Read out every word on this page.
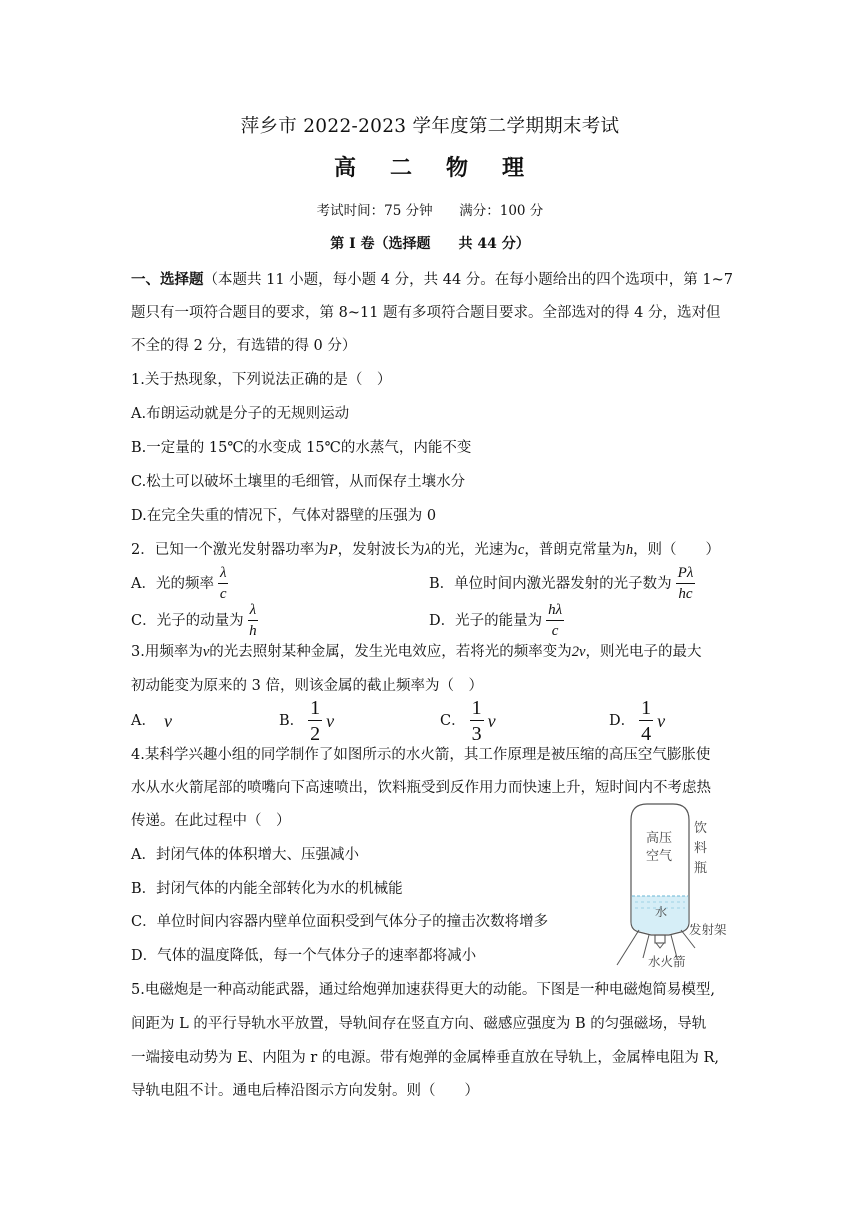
萍乡市 2022-2023 学年度第二学期期末考试
高 二 物 理
考试时间：75 分钟 满分：100 分
第 I 卷（选择题　　共 44 分）
一、选择题（本题共 11 小题，每小题 4 分，共 44 分。在每小题给出的四个选项中，第 1~7
题只有一项符合题目的要求，第 8~11 题有多项符合题目要求。全部选对的得 4 分，选对但
不全的得 2 分，有选错的得 0 分）
1.关于热现象，下列说法正确的是（　）
A.布朗运动就是分子的无规则运动
B.一定量的 15℃的水变成 15℃的水蒸气，内能不变
C.松土可以破坏土壤里的毛细管，从而保存土壤水分
D.在完全失重的情况下，气体对器壁的压强为 0
2．已知一个激光发射器功率为P，发射波长为λ的光，光速为c，普朗克常量为h，则（　　）
A．光的频率 $\frac{\lambda}{c}$	B．单位时间内激光器发射的光子数为 $\frac{P\lambda}{hc}$
C．光子的动量为 $\frac{\lambda}{h}$	D．光子的能量为 $\frac{h\lambda}{c}$
3.用频率为ν的光去照射某种金属，发生光电效应，若将光的频率变为2ν，则光电子的最大
初动能变为原来的 3 倍，则该金属的截止频率为（　）
A． ν	B． $\frac{1}{2}$ ν	C． $\frac{1}{3}$ ν	D． $\frac{1}{4}$ ν
4.某科学兴趣小组的同学制作了如图所示的水火箭，其工作原理是被压缩的高压空气膨胀使
水从水火箭尾部的喷嘴向下高速喷出，饮料瓶受到反作用力而快速上升，短时间内不考虑热
传递。在此过程中（　）
A．封闭气体的体积增大、压强减小
B．封闭气体的内能全部转化为水的机械能
C．单位时间内容器内壁单位面积受到气体分子的撞击次数将增多
D．气体的温度降低，每一个气体分子的速率都将减小
高压
空气
饮
料
瓶
水
发射架
水火箭
5.电磁炮是一种高动能武器，通过给炮弹加速获得更大的动能。下图是一种电磁炮简易模型,
间距为 L 的平行导轨水平放置，导轨间存在竖直方向、磁感应强度为 B 的匀强磁场，导轨
一端接电动势为 E、内阻为 r 的电源。带有炮弹的金属棒垂直放在导轨上，金属棒电阻为 R,
导轨电阻不计。通电后棒沿图示方向发射。则（　　）
